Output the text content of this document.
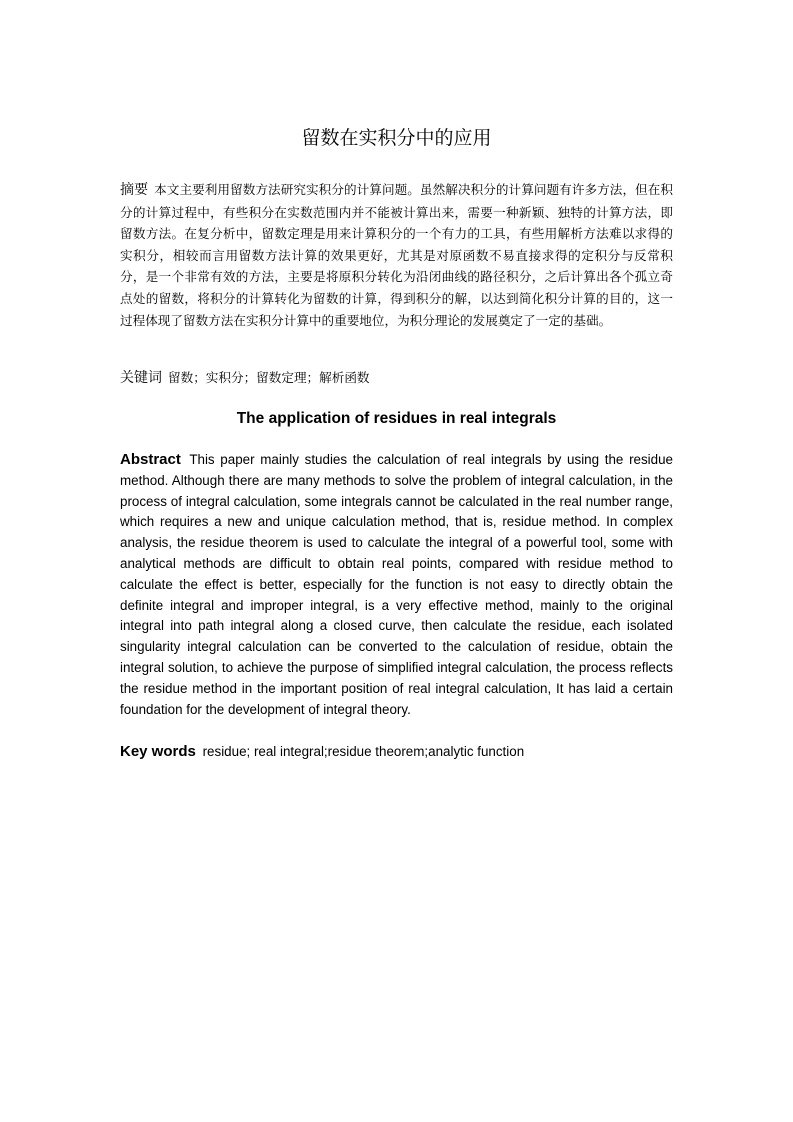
留数在实积分中的应用

摘要 本文主要利用留数方法研究实积分的计算问题。虽然解决积分的计算问题有许多方法，但在积分的计算过程中，有些积分在实数范围内并不能被计算出来，需要一种新颖、独特的计算方法，即留数方法。在复分析中，留数定理是用来计算积分的一个有力的工具，有些用解析方法难以求得的实积分，相较而言用留数方法计算的效果更好，尤其是对原函数不易直接求得的定积分与反常积分，是一个非常有效的方法，主要是将原积分转化为沿闭曲线的路径积分，之后计算出各个孤立奇点处的留数，将积分的计算转化为留数的计算，得到积分的解，以达到简化积分计算的目的，这一过程体现了留数方法在实积分计算中的重要地位，为积分理论的发展奠定了一定的基础。

关键词 留数；实积分；留数定理；解析函数

The application of residues in real integrals

Abstract This paper mainly studies the calculation of real integrals by using the residue method. Although there are many methods to solve the problem of integral calculation, in the process of integral calculation, some integrals cannot be calculated in the real number range, which requires a new and unique calculation method, that is, residue method. In complex analysis, the residue theorem is used to calculate the integral of a powerful tool, some with analytical methods are difficult to obtain real points, compared with residue method to calculate the effect is better, especially for the function is not easy to directly obtain the definite integral and improper integral, is a very effective method, mainly to the original integral into path integral along a closed curve, then calculate the residue, each isolated singularity integral calculation can be converted to the calculation of residue, obtain the integral solution, to achieve the purpose of simplified integral calculation, the process reflects the residue method in the important position of real integral calculation, It has laid a certain foundation for the development of integral theory.

Key words residue; real integral;residue theorem;analytic function
